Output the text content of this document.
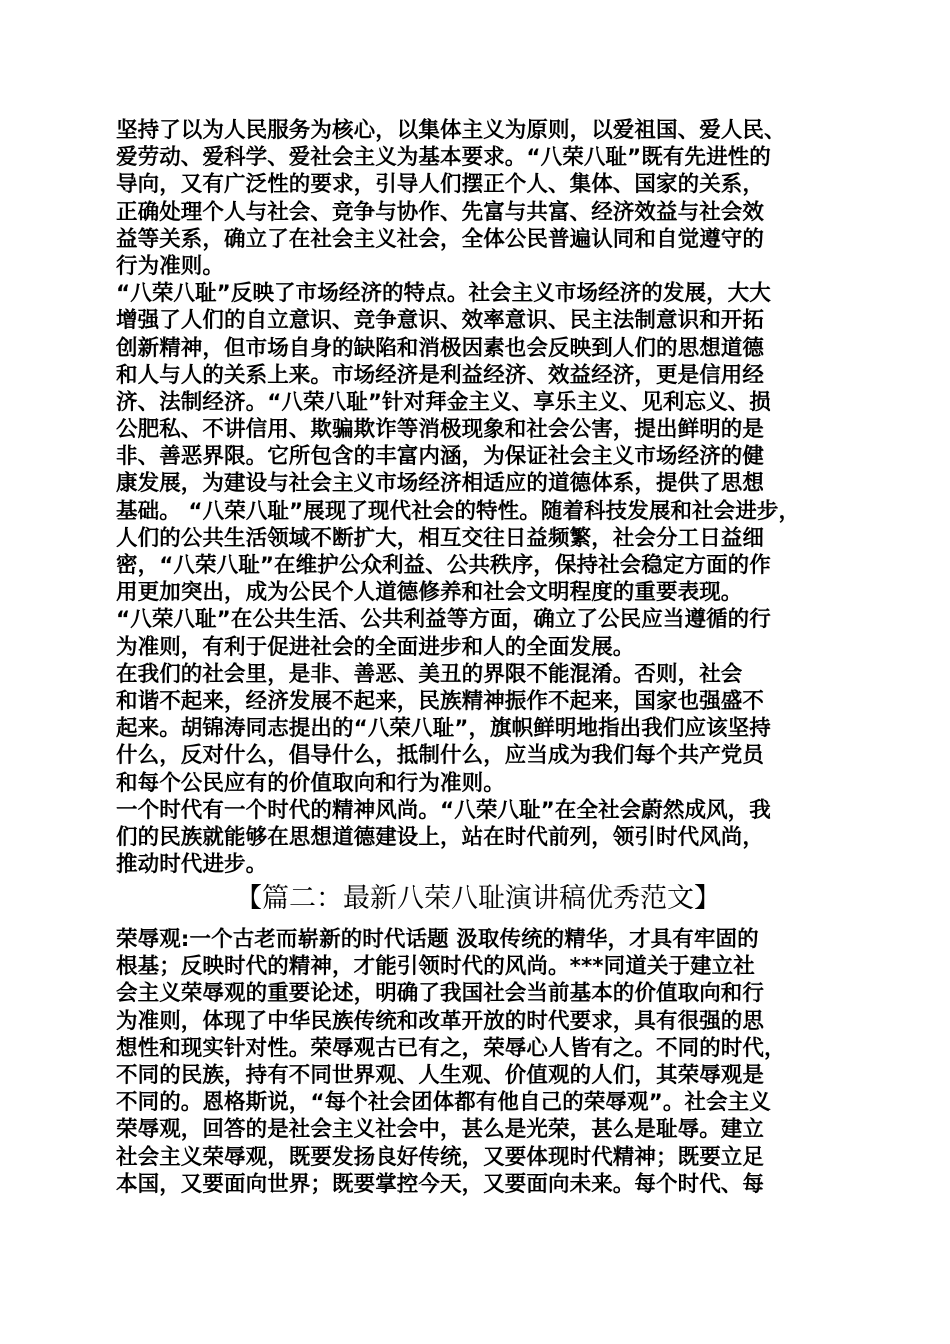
坚持了以为人民服务为核心，以集体主义为原则，以爱祖国、爱人民、
爱劳动、爱科学、爱社会主义为基本要求。“八荣八耻”既有先进性的
导向，又有广泛性的要求，引导人们摆正个人、集体、国家的关系，
正确处理个人与社会、竞争与协作、先富与共富、经济效益与社会效
益等关系，确立了在社会主义社会，全体公民普遍认同和自觉遵守的
行为准则。
“八荣八耻”反映了市场经济的特点。社会主义市场经济的发展，大大
增强了人们的自立意识、竞争意识、效率意识、民主法制意识和开拓
创新精神，但市场自身的缺陷和消极因素也会反映到人们的思想道德
和人与人的关系上来。市场经济是利益经济、效益经济，更是信用经
济、法制经济。“八荣八耻”针对拜金主义、享乐主义、见利忘义、损
公肥私、不讲信用、欺骗欺诈等消极现象和社会公害，提出鲜明的是
非、善恶界限。它所包含的丰富内涵，为保证社会主义市场经济的健
康发展，为建设与社会主义市场经济相适应的道德体系，提供了思想
基础。 “八荣八耻”展现了现代社会的特性。随着科技发展和社会进步，
人们的公共生活领域不断扩大，相互交往日益频繁，社会分工日益细
密，“八荣八耻”在维护公众利益、公共秩序，保持社会稳定方面的作
用更加突出，成为公民个人道德修养和社会文明程度的重要表现。
“八荣八耻”在公共生活、公共利益等方面，确立了公民应当遵循的行
为准则，有利于促进社会的全面进步和人的全面发展。
在我们的社会里，是非、善恶、美丑的界限不能混淆。否则，社会
和谐不起来，经济发展不起来，民族精神振作不起来，国家也强盛不
起来。胡锦涛同志提出的“八荣八耻”，旗帜鲜明地指出我们应该坚持
什么，反对什么，倡导什么，抵制什么，应当成为我们每个共产党员
和每个公民应有的价值取向和行为准则。
一个时代有一个时代的精神风尚。“八荣八耻”在全社会蔚然成风，我
们的民族就能够在思想道德建设上，站在时代前列，领引时代风尚，
推动时代进步。
【篇二：最新八荣八耻演讲稿优秀范文】
荣辱观:一个古老而崭新的时代话题 汲取传统的精华，才具有牢固的
根基；反映时代的精神，才能引领时代的风尚。***同道关于建立社
会主义荣辱观的重要论述，明确了我国社会当前基本的价值取向和行
为准则，体现了中华民族传统和改革开放的时代要求，具有很强的思
想性和现实针对性。荣辱观古已有之，荣辱心人皆有之。不同的时代，
不同的民族，持有不同世界观、人生观、价值观的人们，其荣辱观是
不同的。恩格斯说，“每个社会团体都有他自己的荣辱观”。社会主义
荣辱观，回答的是社会主义社会中，甚么是光荣，甚么是耻辱。建立
社会主义荣辱观，既要发扬良好传统，又要体现时代精神；既要立足
本国，又要面向世界；既要掌控今天，又要面向未来。每个时代、每
